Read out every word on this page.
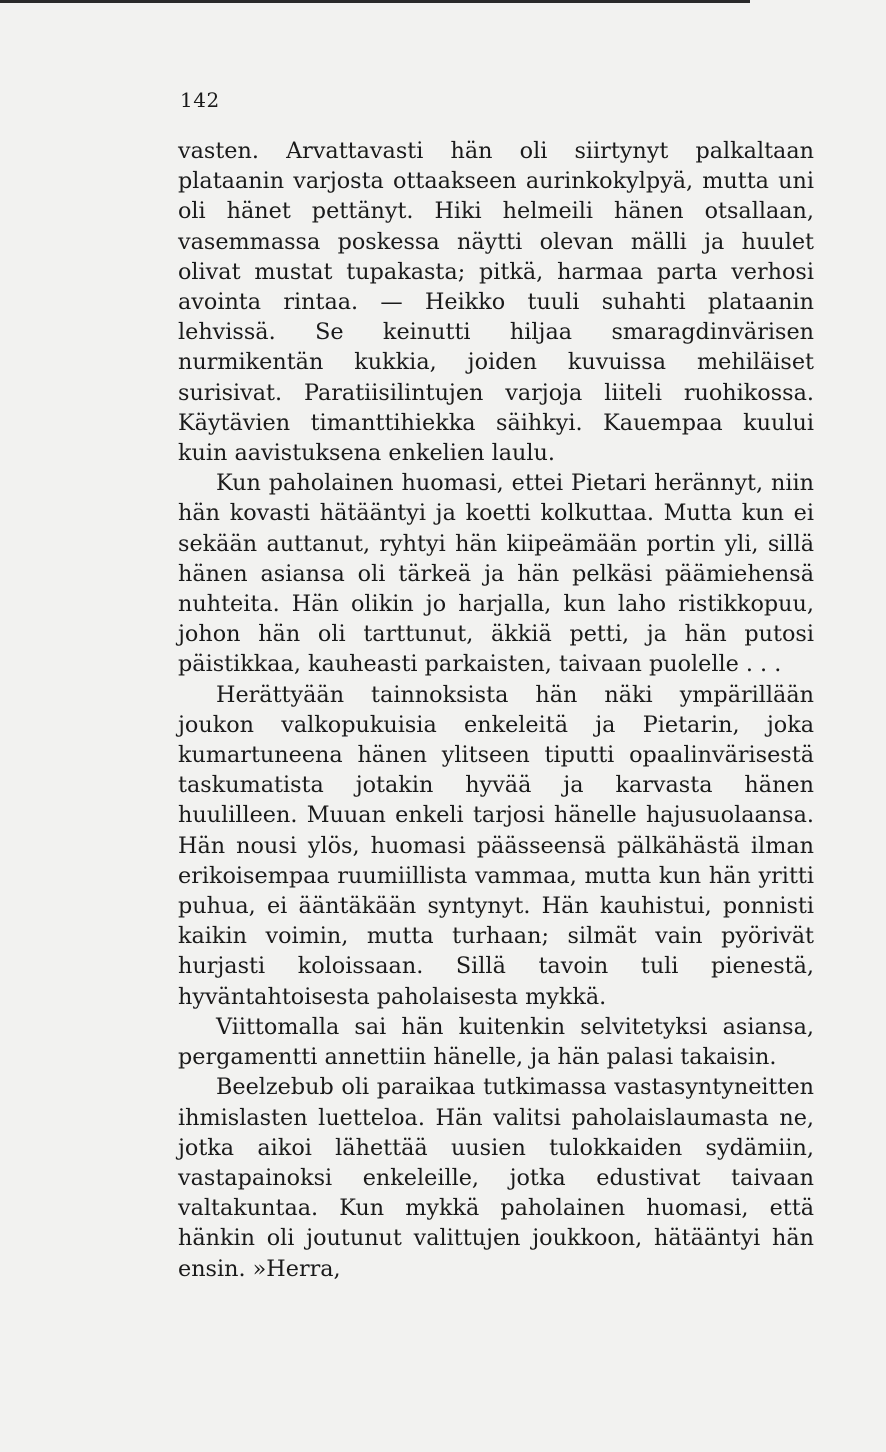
142

vasten. Arvattavasti hän oli siirtynyt palkaltaan plataanin varjosta ottaakseen aurinkokylpyä, mutta uni oli hänet pettänyt. Hiki helmeili hänen otsallaan, vasemmassa poskessa näytti olevan mälli ja huulet olivat mustat tupakasta; pitkä, harmaa parta verhosi avointa rintaa. — Heikko tuuli suhahti plataanin lehvissä. Se keinutti hiljaa smaragdinvärisen nurmikentän kukkia, joiden kuvuissa mehiläiset surisivat. Paratiisilintujen varjoja liiteli ruohikossa. Käytävien timanttihiekka säihkyi. Kauempaa kuului kuin aavistuksena enkelien laulu.

Kun paholainen huomasi, ettei Pietari herännyt, niin hän kovasti hätääntyi ja koetti kolkuttaa. Mutta kun ei sekään auttanut, ryhtyi hän kiipeämään portin yli, sillä hänen asiansa oli tärkeä ja hän pelkäsi päämiehensä nuhteita. Hän olikin jo harjalla, kun laho ristikkopuu, johon hän oli tarttunut, äkkiä petti, ja hän putosi päistikkaa, kauheasti parkaisten, taivaan puolelle . . .

Herättyään tainnoksista hän näki ympärillään joukon valkopukuisia enkeleitä ja Pietarin, joka kumartuneena hänen ylitseen tiputti opaalinvärisestä taskumatista jotakin hyvää ja karvasta hänen huulilleen. Muuan enkeli tarjosi hänelle hajusuolaansa. Hän nousi ylös, huomasi päässeensä pälkähästä ilman erikoisempaa ruumiillista vammaa, mutta kun hän yritti puhua, ei ääntäkään syntynyt. Hän kauhistui, ponnisti kaikin voimin, mutta turhaan; silmät vain pyörivät hurjasti koloissaan. Sillä tavoin tuli pienestä, hyväntahtoisesta paholaisesta mykkä.

Viittomalla sai hän kuitenkin selvitetyksi asiansa, pergamentti annettiin hänelle, ja hän palasi takaisin.

Beelzebub oli paraikaa tutkimassa vastasyntyneitten ihmislasten luetteloa. Hän valitsi paholaislaumasta ne, jotka aikoi lähettää uusien tulokkaiden sydämiin, vastapainoksi enkeleille, jotka edustivat taivaan valtakuntaa. Kun mykkä paholainen huomasi, että hänkin oli joutunut valittujen joukkoon, hätääntyi hän ensin. »Herra,
